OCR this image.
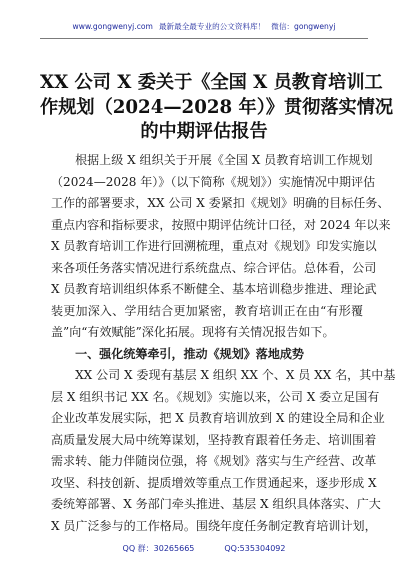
www.gongwenyj.com 最新最全最专业的公文资料库！ 微信：gongwenyj
XX 公司 X 委关于《全国 X 员教育培训工
作规划（2024—2028 年）》贯彻落实情况
的中期评估报告
　　根据上级 X 组织关于开展《全国 X 员教育培训工作规划
（2024—2028 年）》（以下简称《规划》）实施情况中期评估
工作的部署要求，XX 公司 X 委紧扣《规划》明确的目标任务、
重点内容和指标要求，按照中期评估统计口径，对 2024 年以来
X 员教育培训工作进行回溯梳理，重点对《规划》印发实施以
来各项任务落实情况进行系统盘点、综合评估。总体看，公司
X 员教育培训组织体系不断健全、基本培训稳步推进、理论武
装更加深入、学用结合更加紧密，教育培训正在由“有形覆
盖”向“有效赋能”深化拓展。现将有关情况报告如下。
　　一、强化统筹牵引，推动《规划》落地成势
　　XX 公司 X 委现有基层 X 组织 XX 个、X 员 XX 名，其中基
层 X 组织书记 XX 名。《规划》实施以来，公司 X 委立足国有
企业改革发展实际，把 X 员教育培训放到 X 的建设全局和企业
高质量发展大局中统筹谋划，坚持教育跟着任务走、培训围着
需求转、能力伴随岗位强，将《规划》落实与生产经营、改革
攻坚、科技创新、提质增效等重点工作贯通起来，逐步形成 X
委统筹部署、X 务部门牵头推进、基层 X 组织具体落实、广大
X 员广泛参与的工作格局。围绕年度任务制定教育培训计划，
QQ 群：30265665	QQ:535304092
